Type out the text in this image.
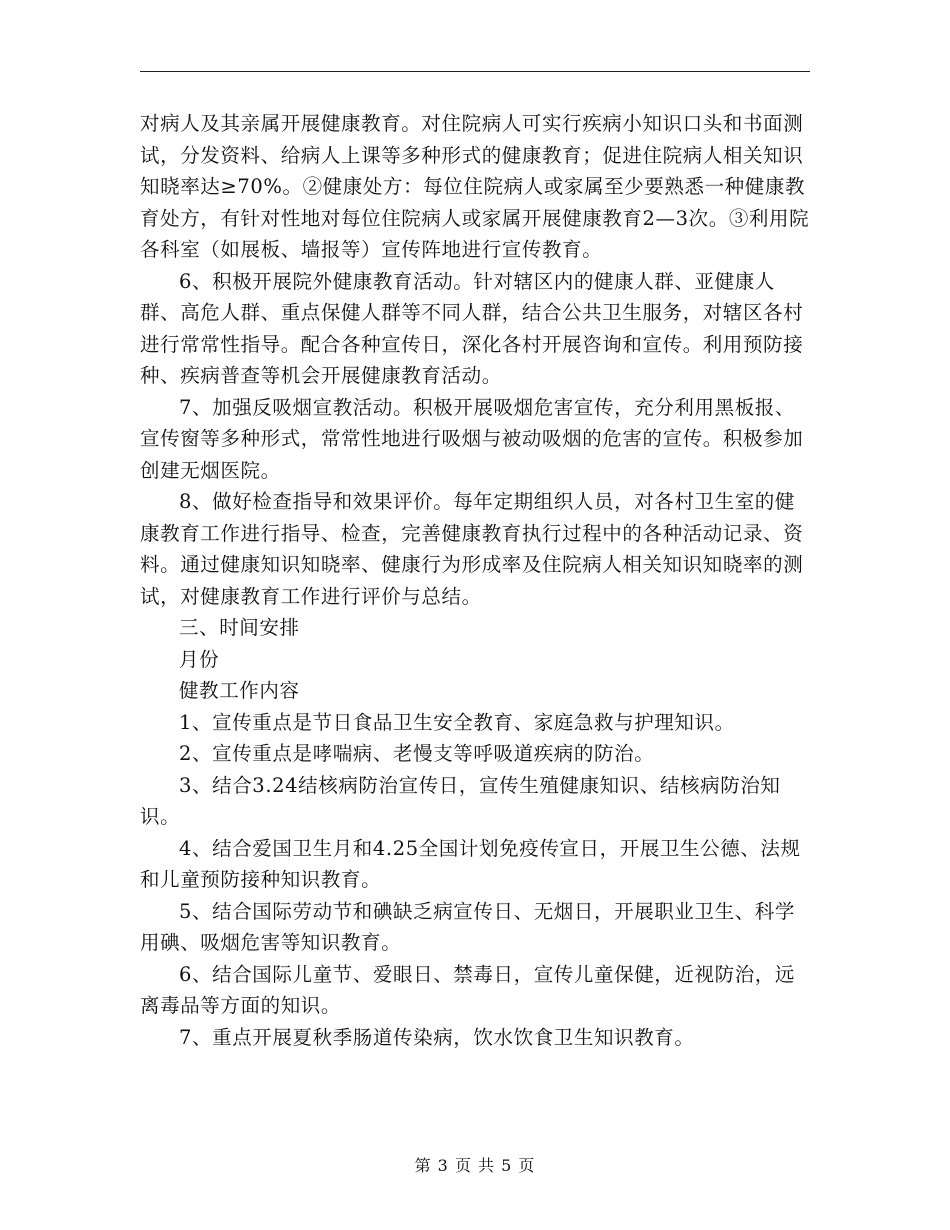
对病人及其亲属开展健康教育。对住院病人可实行疾病小知识口头和书面测试，分发资料、给病人上课等多种形式的健康教育；促进住院病人相关知识知晓率达≥70%。②健康处方：每位住院病人或家属至少要熟悉一种健康教育处方，有针对性地对每位住院病人或家属开展健康教育2—3次。③利用院各科室（如展板、墙报等）宣传阵地进行宣传教育。

6、积极开展院外健康教育活动。针对辖区内的健康人群、亚健康人群、高危人群、重点保健人群等不同人群，结合公共卫生服务，对辖区各村进行常常性指导。配合各种宣传日，深化各村开展咨询和宣传。利用预防接种、疾病普查等机会开展健康教育活动。

7、加强反吸烟宣教活动。积极开展吸烟危害宣传，充分利用黑板报、宣传窗等多种形式，常常性地进行吸烟与被动吸烟的危害的宣传。积极参加创建无烟医院。

8、做好检查指导和效果评价。每年定期组织人员，对各村卫生室的健康教育工作进行指导、检查，完善健康教育执行过程中的各种活动记录、资料。通过健康知识知晓率、健康行为形成率及住院病人相关知识知晓率的测试，对健康教育工作进行评价与总结。

三、时间安排

月份

健教工作内容

1、宣传重点是节日食品卫生安全教育、家庭急救与护理知识。

2、宣传重点是哮喘病、老慢支等呼吸道疾病的防治。

3、结合3.24结核病防治宣传日，宣传生殖健康知识、结核病防治知识。

4、结合爱国卫生月和4.25全国计划免疫传宣日，开展卫生公德、法规和儿童预防接种知识教育。

5、结合国际劳动节和碘缺乏病宣传日、无烟日，开展职业卫生、科学用碘、吸烟危害等知识教育。

6、结合国际儿童节、爱眼日、禁毒日，宣传儿童保健，近视防治，远离毒品等方面的知识。

7、重点开展夏秋季肠道传染病，饮水饮食卫生知识教育。

第 3 页 共 5 页
